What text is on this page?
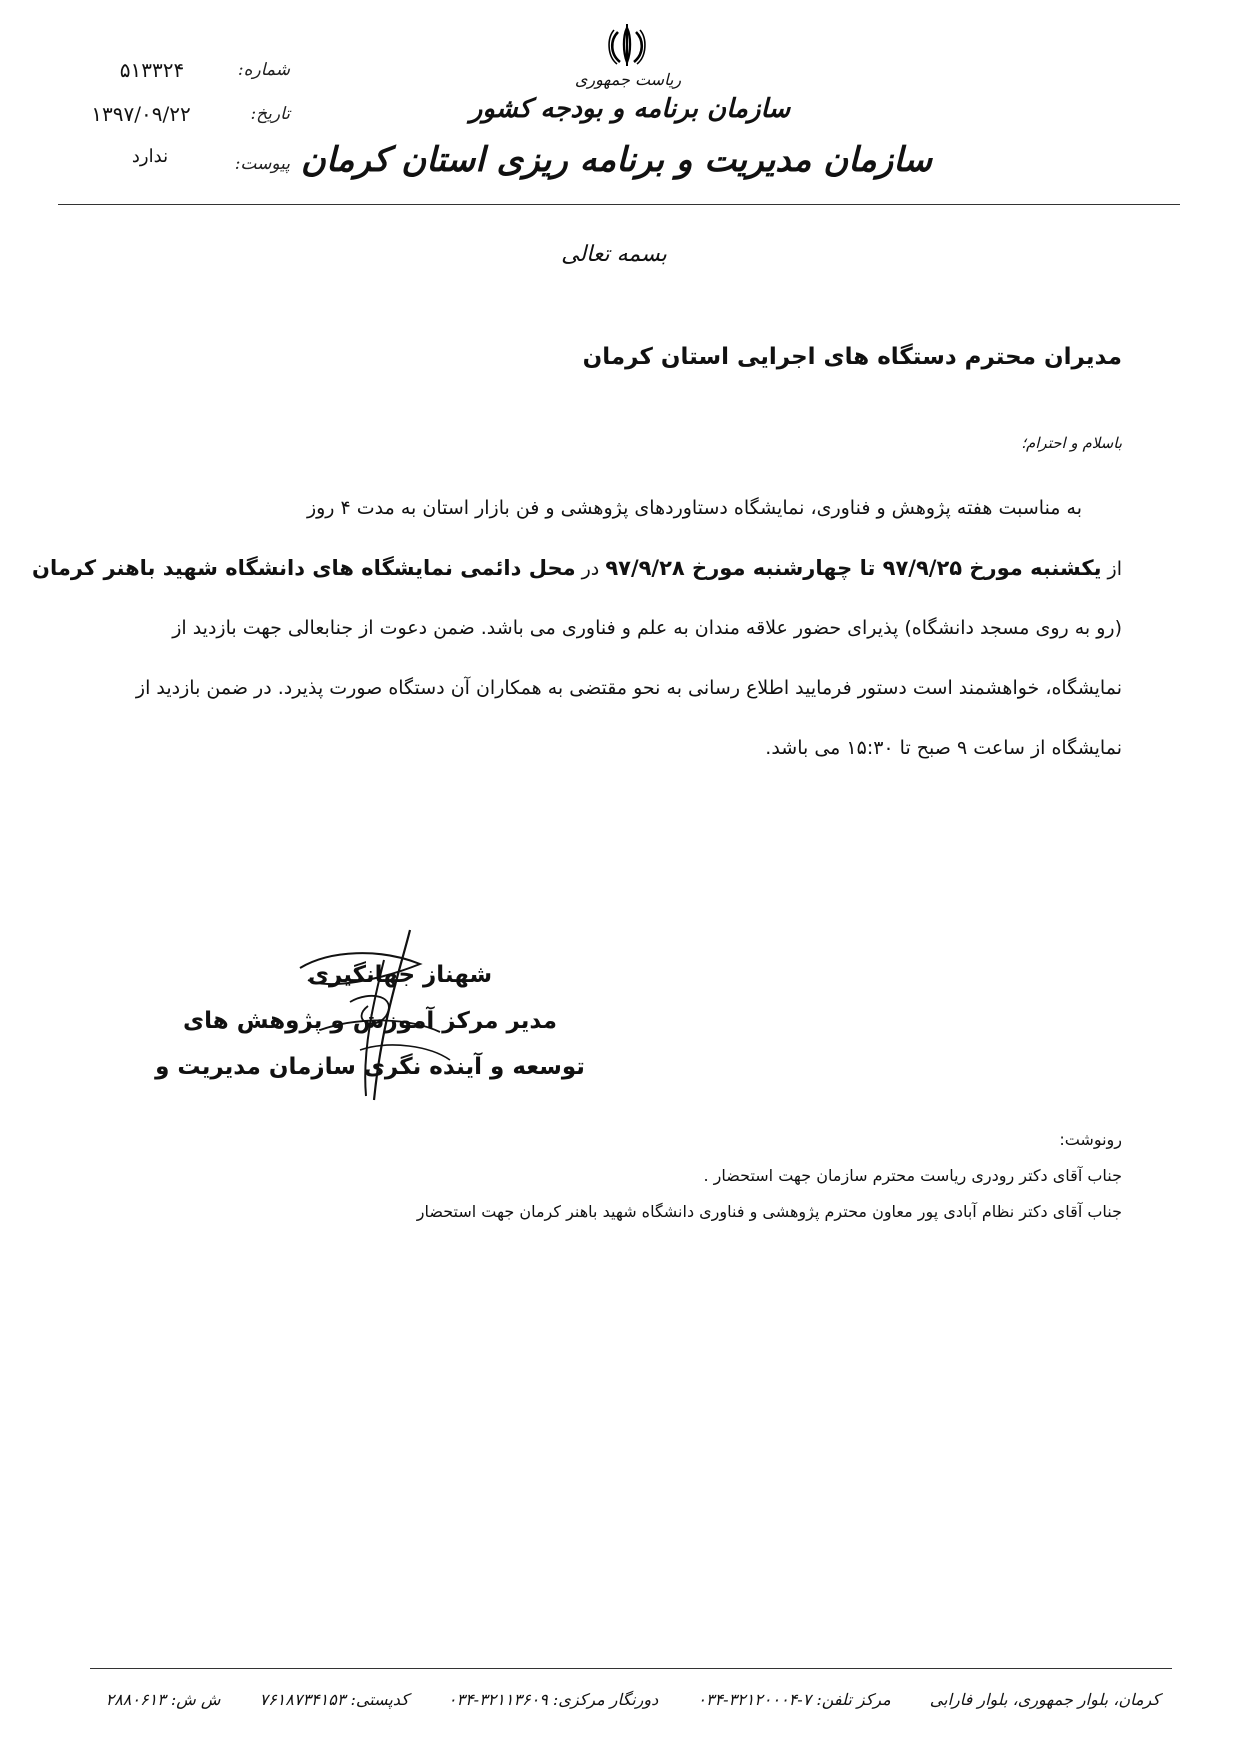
۵۱۳۳۲۴	شماره:
۱۳۹۷/۰۹/۲۲	تاریخ:
ندارد	پیوست:
ریاست جمهوری
سازمان برنامه و بودجه کشور
سازمان مدیریت و برنامه ریزی استان کرمان
بسمه تعالی
مدیران محترم دستگاه های اجرایی استان کرمان
باسلام و احترام؛
به مناسبت هفته پژوهش و فناوری، نمایشگاه دستاوردهای پژوهشی و فن بازار استان به مدت ۴ روز
از یکشنبه مورخ ۹۷/۹/۲۵ تا چهارشنبه مورخ ۹۷/۹/۲۸ در محل دائمی نمایشگاه های دانشگاه شهید باهنر کرمان
(رو به روی مسجد دانشگاه) پذیرای حضور علاقه مندان به علم و فناوری می باشد. ضمن دعوت از جنابعالی جهت بازدید از
نمایشگاه، خواهشمند است دستور فرمایید اطلاع رسانی به نحو مقتضی به همکاران آن دستگاه صورت پذیرد. در ضمن بازدید از
نمایشگاه از ساعت ۹ صبح تا ۱۵:۳۰ می باشد.
شهناز جهانگیری
مدیر مرکز آموزش و پژوهش های
توسعه و آینده نگری سازمان مدیریت و
رونوشت:
جناب آقای دکتر رودری ریاست محترم سازمان جهت استحضار .
جناب آقای دکتر نظام آبادی پور معاون محترم پژوهشی و فناوری دانشگاه شهید باهنر کرمان جهت استحضار
کرمان، بلوار جمهوری، بلوار فارابی مرکز تلفن: ۷-۳۲۱۲۰۰۰۴-۰۳۴ دورنگار مرکزی: ۳۲۱۱۳۶۰۹-۰۳۴ کدپستی: ۷۶۱۸۷۳۴۱۵۳ ش ش: ۲۸۸۰۶۱۳
